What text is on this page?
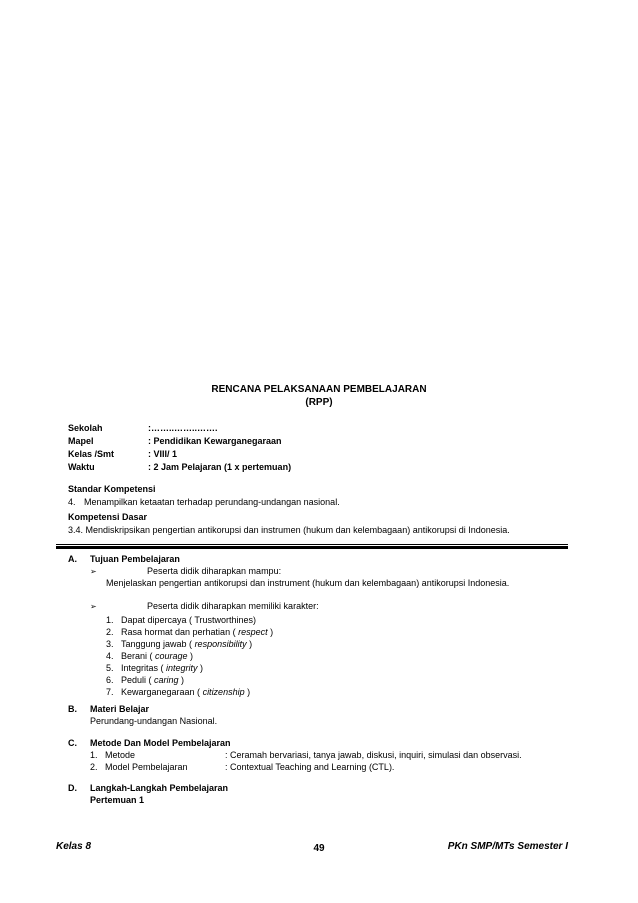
RENCANA PELAKSANAAN PEMBELAJARAN
(RPP)
Sekolah	:……..……..…….
Mapel	: Pendidikan Kewarganegaraan
Kelas /Smt	: VIII/ 1
Waktu	: 2 Jam Pelajaran (1 x pertemuan)
Standar Kompetensi
4. Menampilkan ketaatan terhadap perundang-undangan nasional.
Kompetensi Dasar
3.4. Mendiskripsikan pengertian antikorupsi dan instrumen (hukum dan kelembagaan) antikorupsi di Indonesia.
A. Tujuan Pembelajaran
➢	Peserta didik diharapkan mampu:
Menjelaskan pengertian antikorupsi dan instrument (hukum dan kelembagaan) antikorupsi Indonesia.
➢	Peserta didik diharapkan memiliki karakter:
1. Dapat dipercaya ( Trustworthines)
2. Rasa hormat dan perhatian ( respect )
3. Tanggung jawab ( responsibility )
4. Berani ( courage )
5. Integritas ( integrity )
6. Peduli ( caring )
7. Kewarganegaraan ( citizenship )
B. Materi Belajar
Perundang-undangan Nasional.
C. Metode Dan Model Pembelajaran
1. Metode	: Ceramah bervariasi, tanya jawab, diskusi, inquiri, simulasi dan observasi.
2. Model Pembelajaran	: Contextual Teaching and Learning (CTL).
D. Langkah-Langkah Pembelajaran
Pertemuan 1
Kelas 8	49	PKn SMP/MTs Semester I
